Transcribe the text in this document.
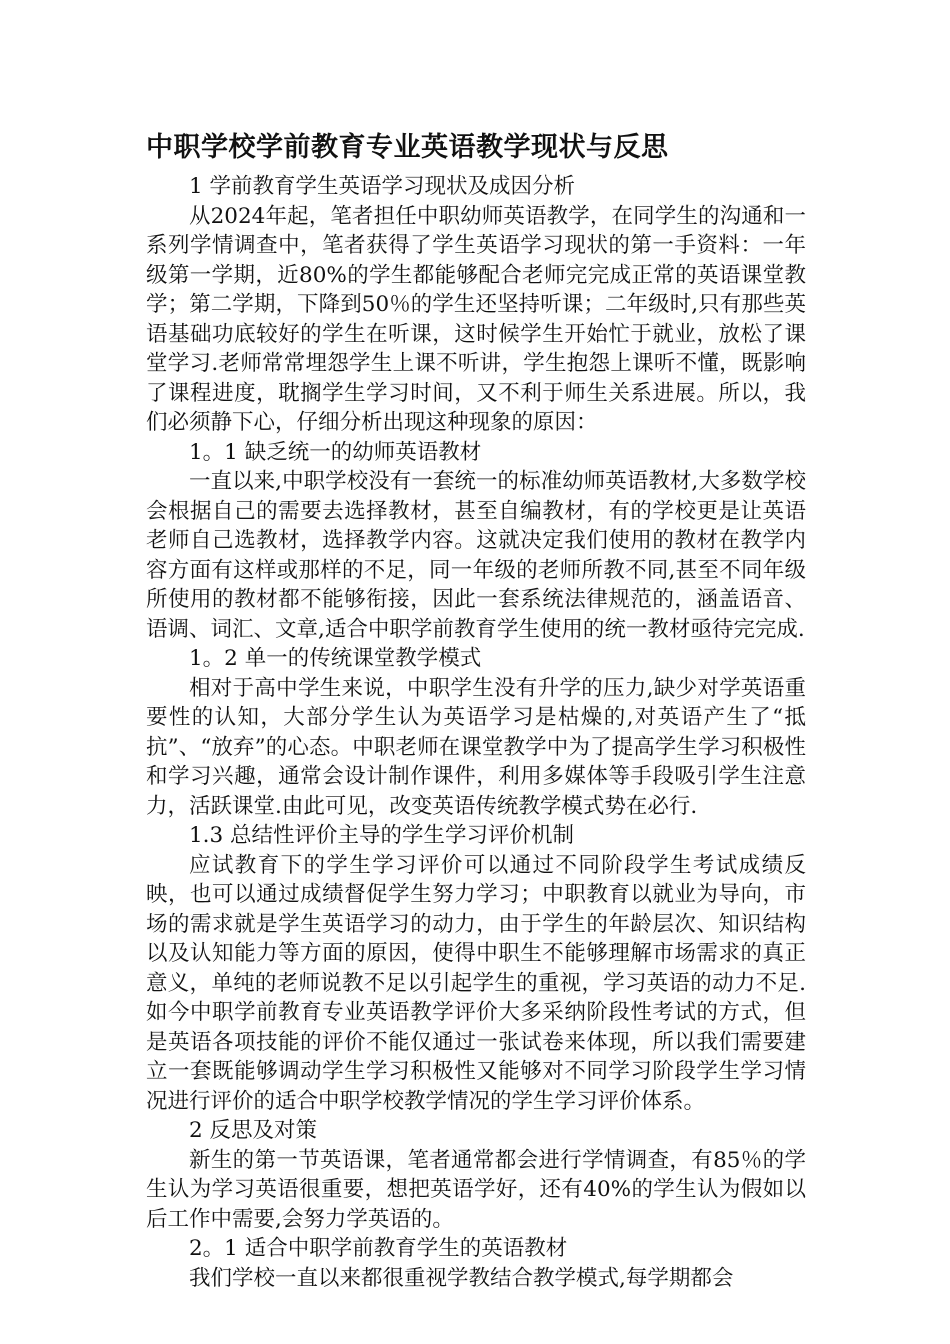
中职学校学前教育专业英语教学现状与反思

1 学前教育学生英语学习现状及成因分析

从2024年起，笔者担任中职幼师英语教学，在同学生的沟通和一系列学情调查中，笔者获得了学生英语学习现状的第一手资料：一年级第一学期，近80%的学生都能够配合老师完完成正常的英语课堂教学；第二学期，下降到50％的学生还坚持听课；二年级时,只有那些英语基础功底较好的学生在听课，这时候学生开始忙于就业，放松了课堂学习.老师常常埋怨学生上课不听讲，学生抱怨上课听不懂，既影响了课程进度，耽搁学生学习时间，又不利于师生关系进展。所以，我们必须静下心，仔细分析出现这种现象的原因：

1。1 缺乏统一的幼师英语教材

一直以来,中职学校没有一套统一的标准幼师英语教材,大多数学校会根据自己的需要去选择教材，甚至自编教材，有的学校更是让英语老师自己选教材，选择教学内容。这就决定我们使用的教材在教学内容方面有这样或那样的不足，同一年级的老师所教不同,甚至不同年级所使用的教材都不能够衔接，因此一套系统法律规范的，涵盖语音、语调、词汇、文章,适合中职学前教育学生使用的统一教材亟待完完成.

1。2 单一的传统课堂教学模式

相对于高中学生来说，中职学生没有升学的压力,缺少对学英语重要性的认知，大部分学生认为英语学习是枯燥的,对英语产生了“抵抗”、“放弃”的心态。中职老师在课堂教学中为了提高学生学习积极性和学习兴趣，通常会设计制作课件，利用多媒体等手段吸引学生注意力，活跃课堂.由此可见，改变英语传统教学模式势在必行.

1.3 总结性评价主导的学生学习评价机制

应试教育下的学生学习评价可以通过不同阶段学生考试成绩反映，也可以通过成绩督促学生努力学习；中职教育以就业为导向，市场的需求就是学生英语学习的动力，由于学生的年龄层次、知识结构以及认知能力等方面的原因，使得中职生不能够理解市场需求的真正意义，单纯的老师说教不足以引起学生的重视，学习英语的动力不足.如今中职学前教育专业英语教学评价大多采纳阶段性考试的方式，但是英语各项技能的评价不能仅通过一张试卷来体现，所以我们需要建立一套既能够调动学生学习积极性又能够对不同学习阶段学生学习情况进行评价的适合中职学校教学情况的学生学习评价体系。

2 反思及对策

新生的第一节英语课，笔者通常都会进行学情调查，有85％的学生认为学习英语很重要，想把英语学好，还有40%的学生认为假如以后工作中需要,会努力学英语的。

2。1 适合中职学前教育学生的英语教材

我们学校一直以来都很重视学教结合教学模式,每学期都会
